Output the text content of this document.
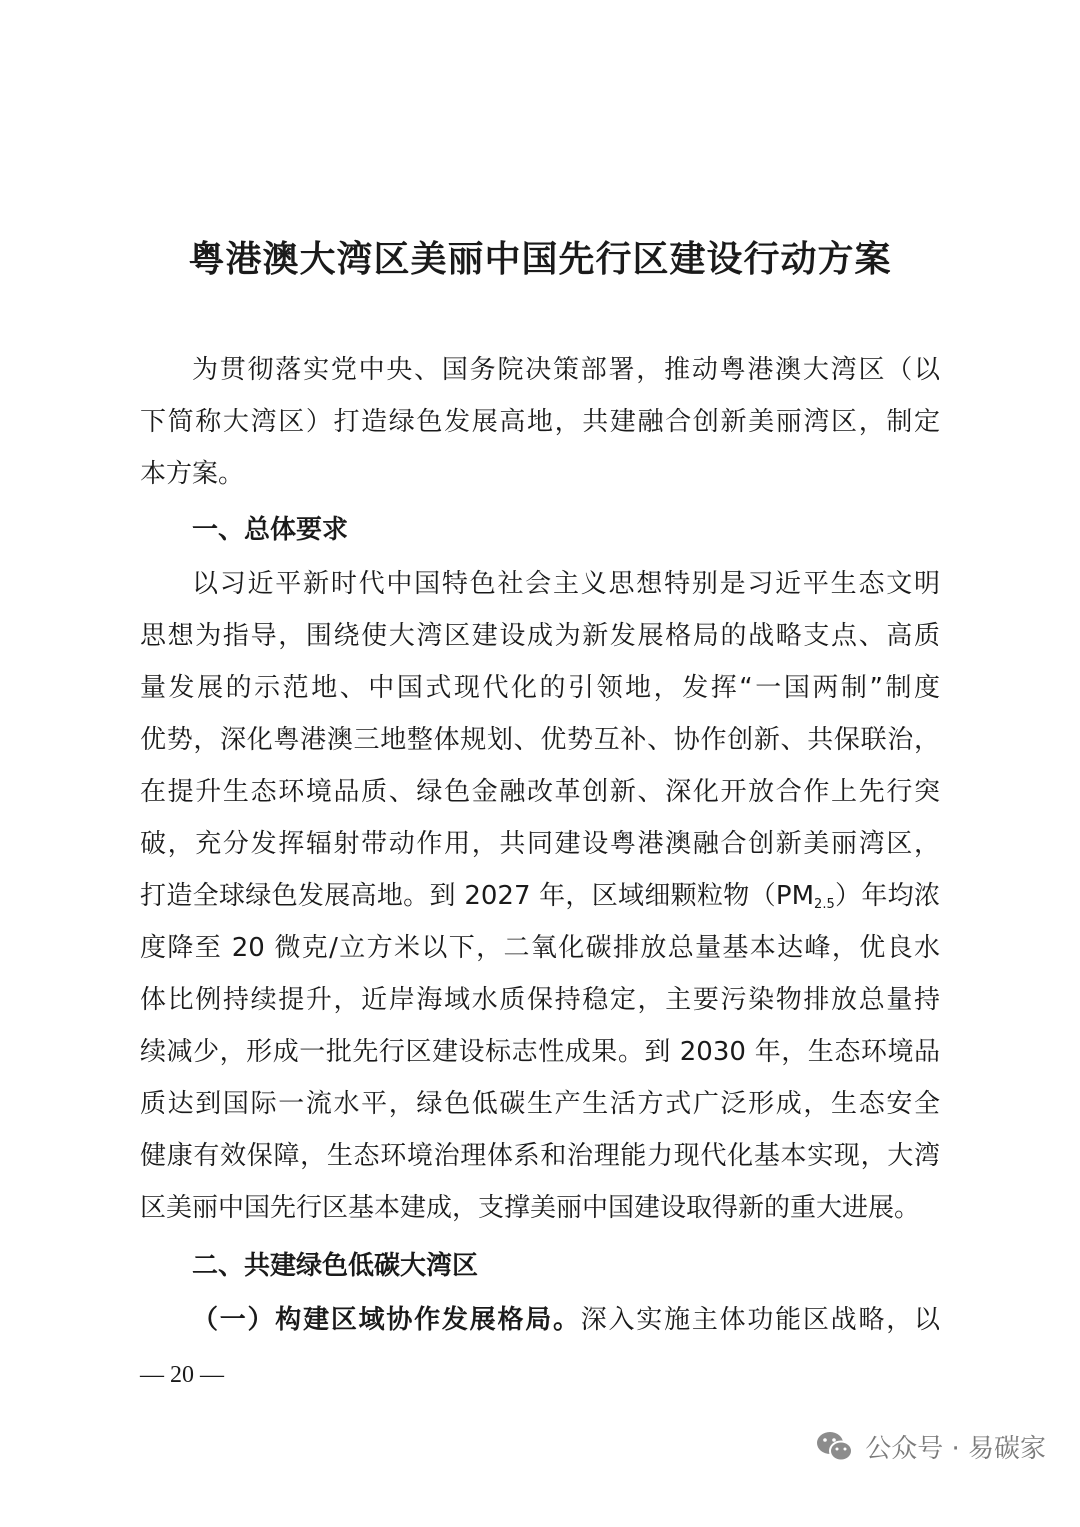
粤港澳大湾区美丽中国先行区建设行动方案
为贯彻落实党中央、国务院决策部署，推动粤港澳大湾区（以
下简称大湾区）打造绿色发展高地，共建融合创新美丽湾区，制定
本方案。
一、总体要求
以习近平新时代中国特色社会主义思想特别是习近平生态文明
思想为指导，围绕使大湾区建设成为新发展格局的战略支点、高质
量发展的示范地、中国式现代化的引领地，发挥“一国两制”制度
优势，深化粤港澳三地整体规划、优势互补、协作创新、共保联治，
在提升生态环境品质、绿色金融改革创新、深化开放合作上先行突
破，充分发挥辐射带动作用，共同建设粤港澳融合创新美丽湾区，
打造全球绿色发展高地。到 2027 年，区域细颗粒物（PM2.5）年均浓
度降至 20 微克/立方米以下，二氧化碳排放总量基本达峰，优良水
体比例持续提升，近岸海域水质保持稳定，主要污染物排放总量持
续减少，形成一批先行区建设标志性成果。到 2030 年，生态环境品
质达到国际一流水平，绿色低碳生产生活方式广泛形成，生态安全
健康有效保障，生态环境治理体系和治理能力现代化基本实现，大湾
区美丽中国先行区基本建成，支撑美丽中国建设取得新的重大进展。
二、共建绿色低碳大湾区
（一）构建区域协作发展格局。深入实施主体功能区战略，以
— 20 —
公众号 · 易碳家
